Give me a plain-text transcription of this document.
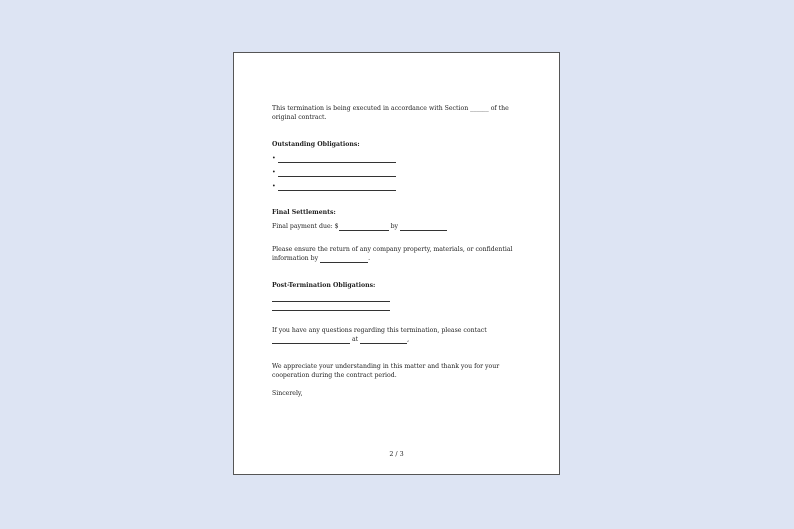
This termination is being executed in accordance with Section ______ of the original contract.

Outstanding Obligations:

•
•
•

Final Settlements:

Final payment due: $	by

Please ensure the return of any company property, materials, or confidential information by	.

Post-Termination Obligations:

If you have any questions regarding this termination, please contact
at	,

We appreciate your understanding in this matter and thank you for your cooperation during the contract period.

Sincerely,

2 / 3
